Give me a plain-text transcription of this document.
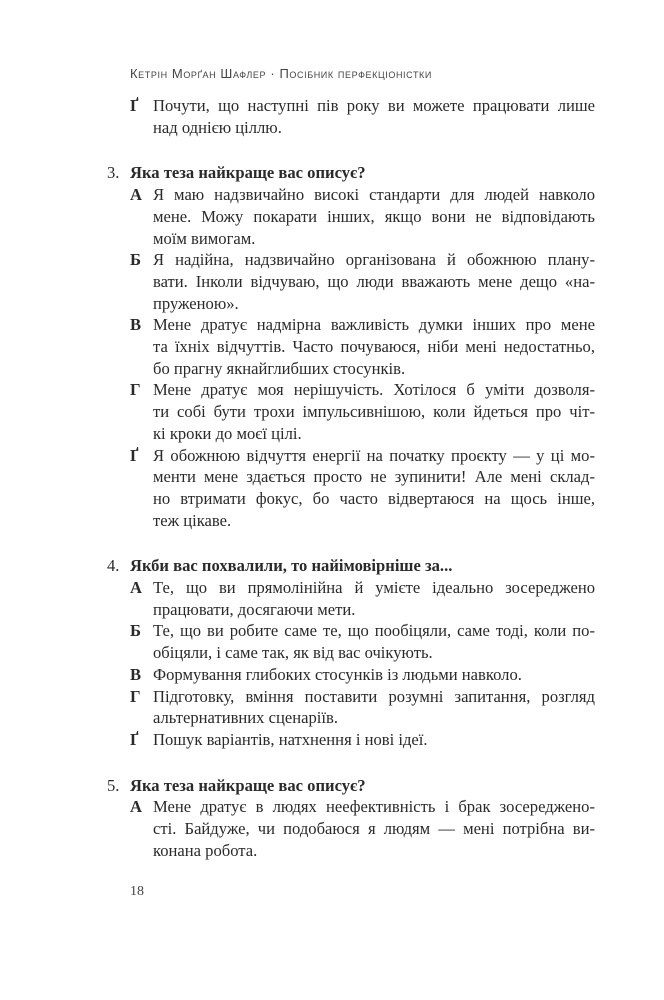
Кетрін Морґан Шафлер · Посібник перфекціоністки
Ґ Почути, що наступні пів року ви можете працювати лише
над однією ціллю.
3. Яка теза найкраще вас описує?
А Я маю надзвичайно високі стандарти для людей навколо
мене. Можу покарати інших, якщо вони не відповідають
моїм вимогам.
Б Я надійна, надзвичайно організована й обожнюю плану-
вати. Інколи відчуваю, що люди вважають мене дещо «на-
пруженою».
В Мене дратує надмірна важливість думки інших про мене
та їхніх відчуттів. Часто почуваюся, ніби мені недостатньо,
бо прагну якнайглибших стосунків.
Г Мене дратує моя нерішучість. Хотілося б уміти дозволя-
ти собі бути трохи імпульсивнішою, коли йдеться про чіт-
кі кроки до моєї цілі.
Ґ Я обожнюю відчуття енергії на початку проєкту — у ці мо-
менти мене здається просто не зупинити! Але мені склад-
но втримати фокус, бо часто відвертаюся на щось інше,
теж цікаве.
4. Якби вас похвалили, то найімовірніше за...
А Те, що ви прямолінійна й умієте ідеально зосереджено
працювати, досягаючи мети.
Б Те, що ви робите саме те, що пообіцяли, саме тоді, коли по-
обіцяли, і саме так, як від вас очікують.
В Формування глибоких стосунків із людьми навколо.
Г Підготовку, вміння поставити розумні запитання, розгляд
альтернативних сценаріїв.
Ґ Пошук варіантів, натхнення і нові ідеї.
5. Яка теза найкраще вас описує?
А Мене дратує в людях неефективність і брак зосереджено-
сті. Байдуже, чи подобаюся я людям — мені потрібна ви-
конана робота.
18
